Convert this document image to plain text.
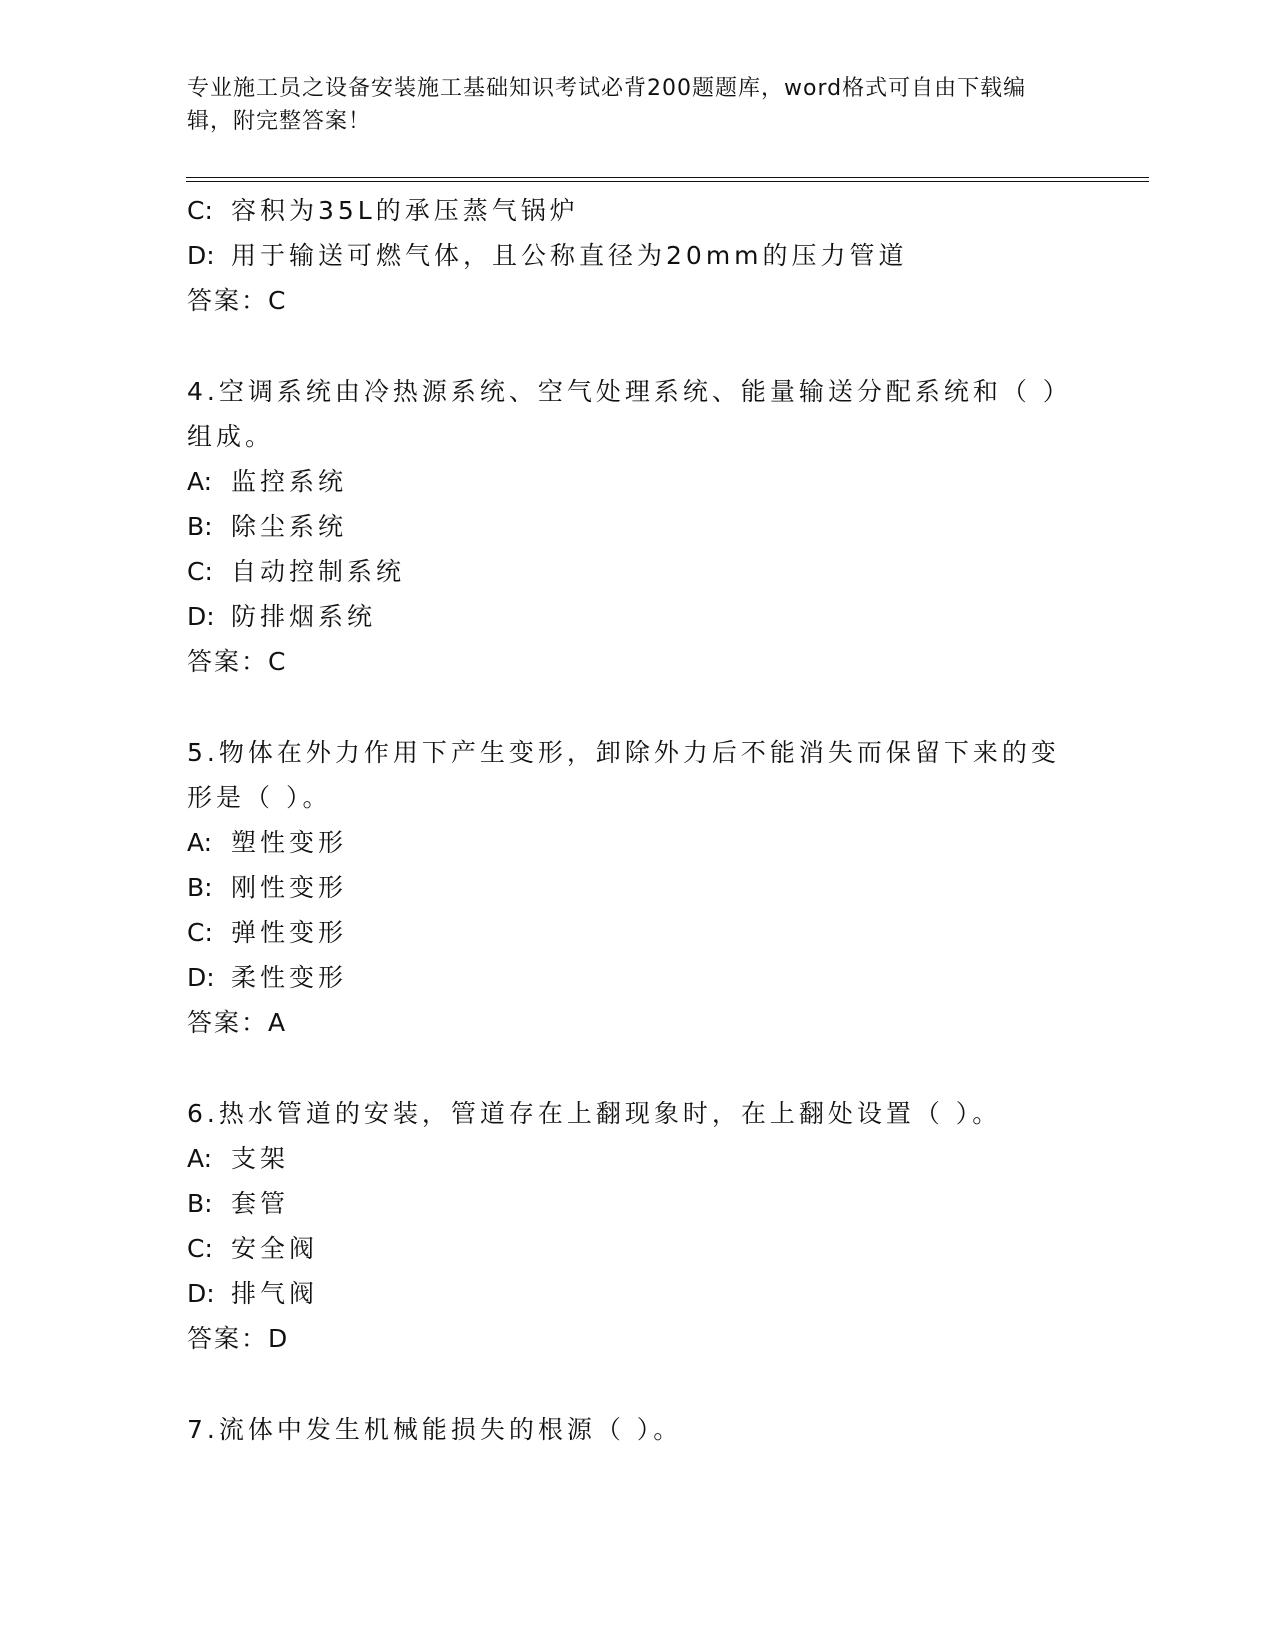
专业施工员之设备安装施工基础知识考试必背200题题库，word格式可自由下载编辑，附完整答案！
C: 容积为35L的承压蒸气锅炉
D: 用于输送可燃气体，且公称直径为20mm的压力管道
答案：C
4.空调系统由冷热源系统、空气处理系统、能量输送分配系统和（ ）组成。
A: 监控系统
B: 除尘系统
C: 自动控制系统
D: 防排烟系统
答案：C
5.物体在外力作用下产生变形，卸除外力后不能消失而保留下来的变形是（ ）。
A: 塑性变形
B: 刚性变形
C: 弹性变形
D: 柔性变形
答案：A
6.热水管道的安装，管道存在上翻现象时，在上翻处设置（ ）。
A: 支架
B: 套管
C: 安全阀
D: 排气阀
答案：D
7.流体中发生机械能损失的根源（ ）。
